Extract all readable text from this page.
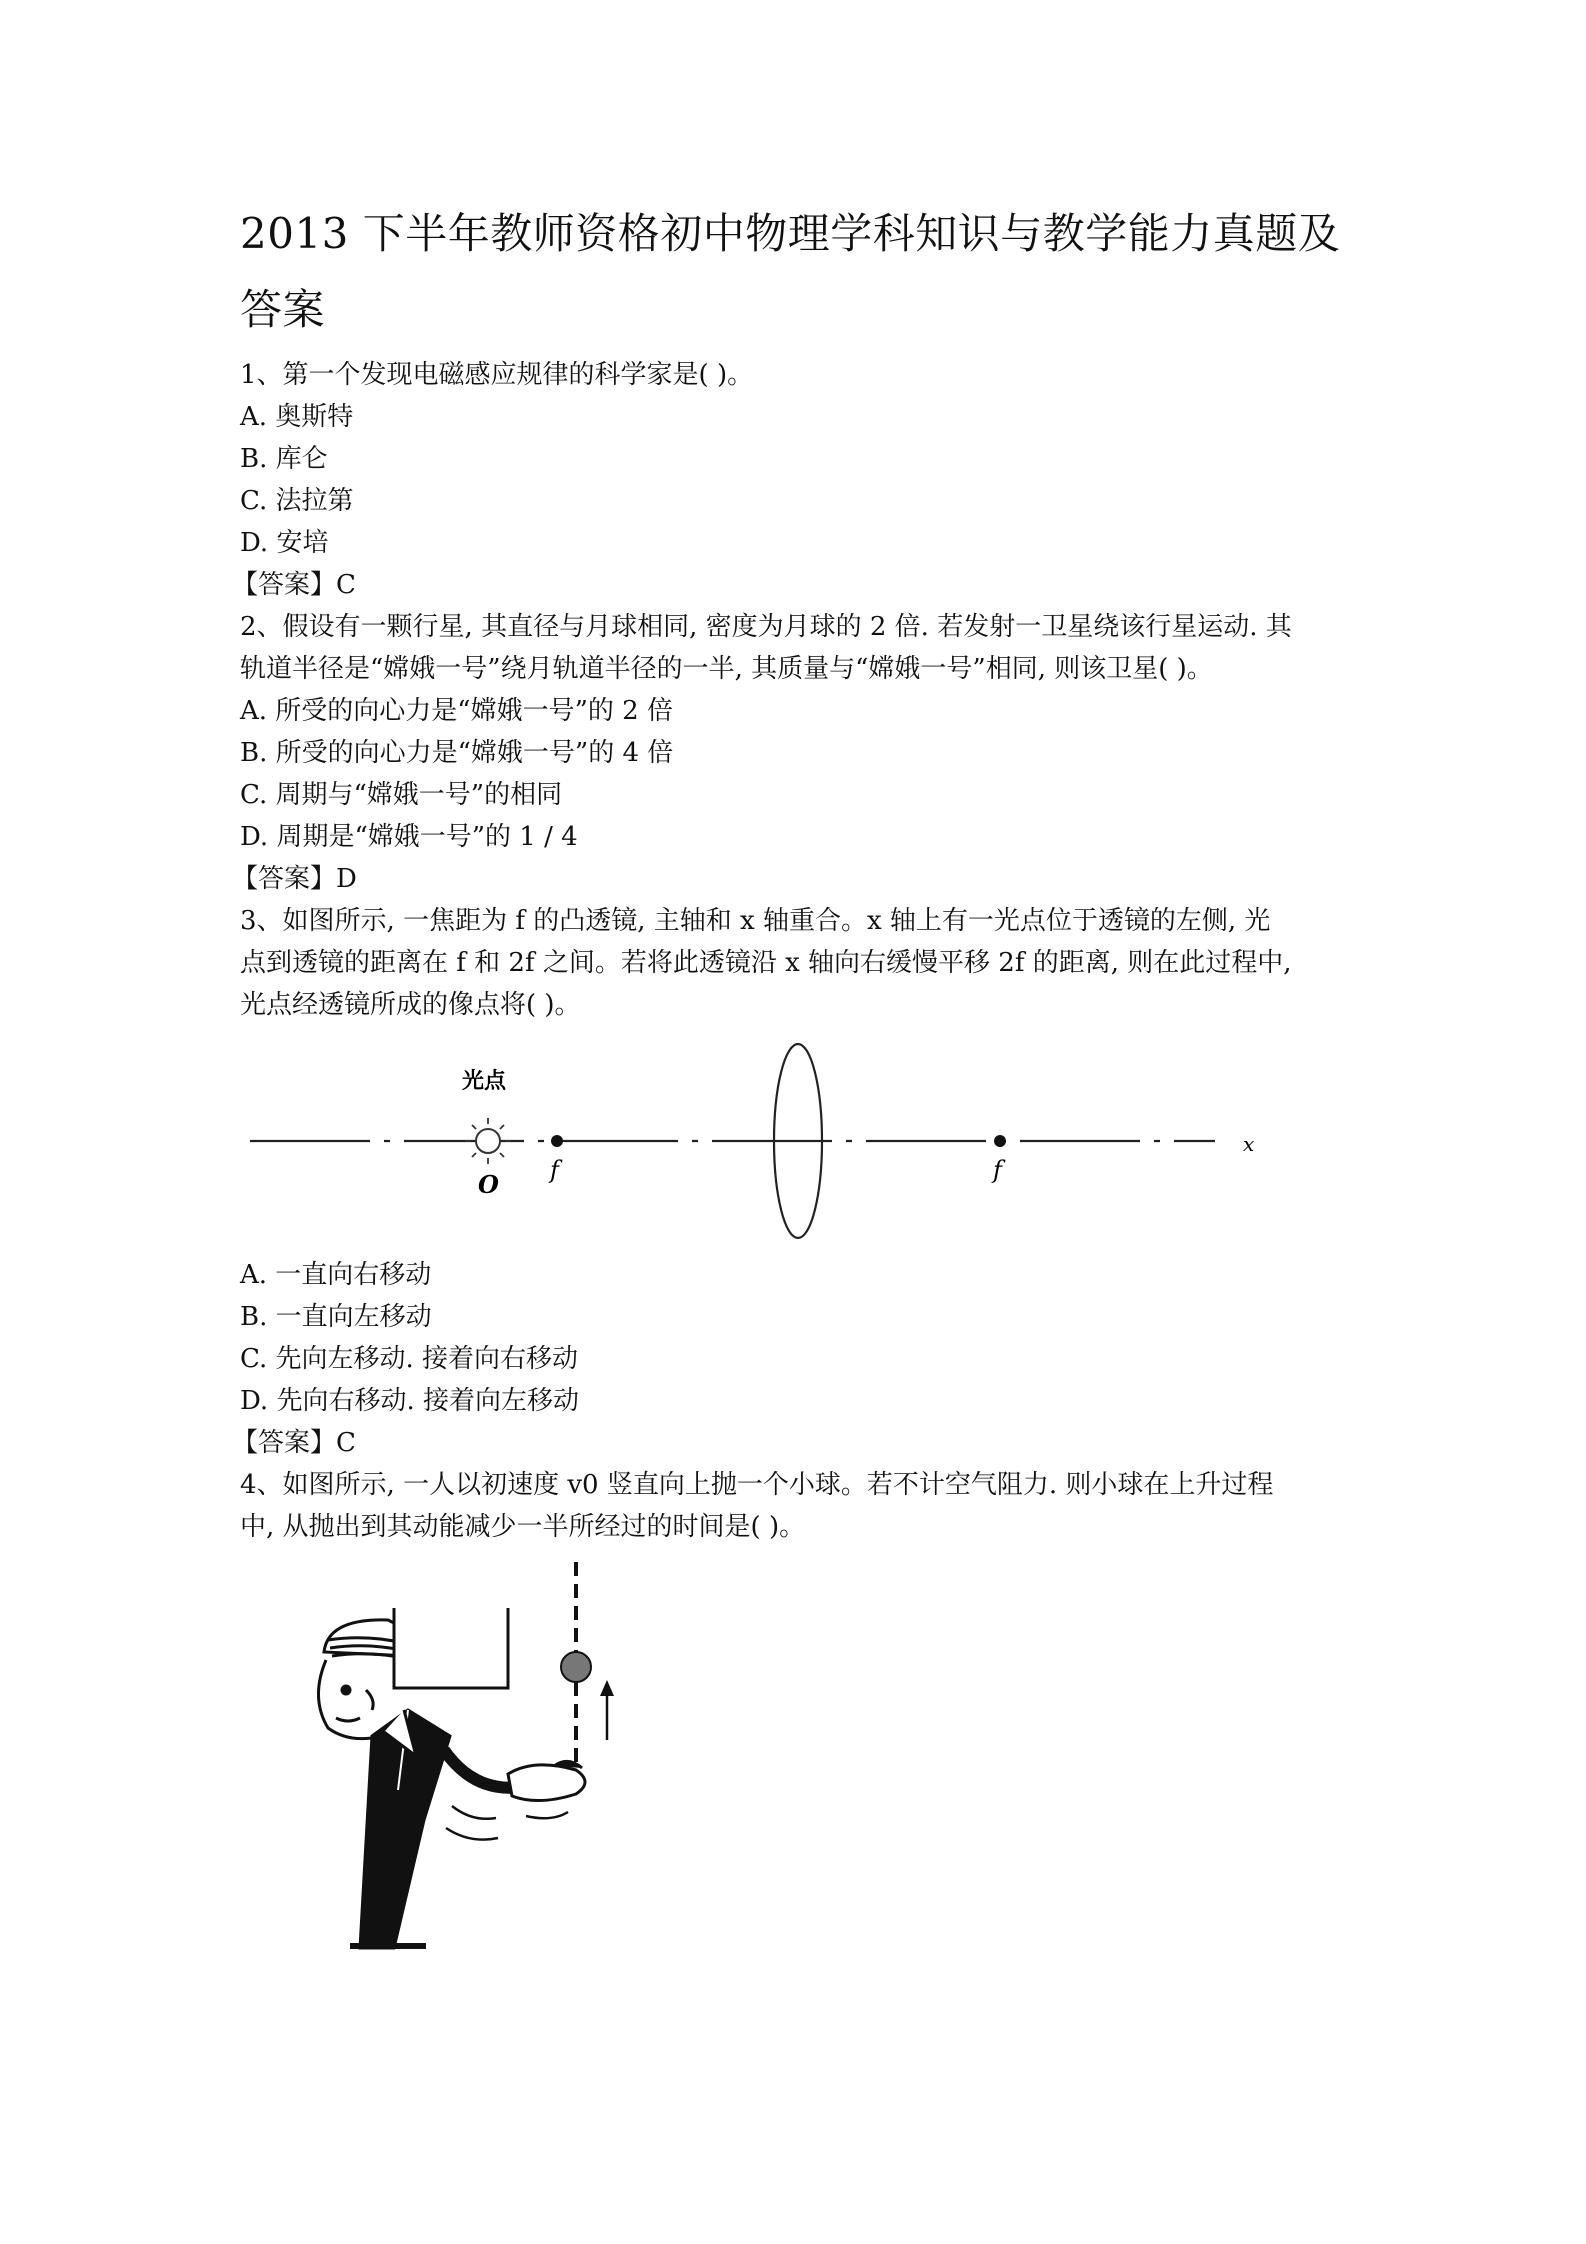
2013 下半年教师资格初中物理学科知识与教学能力真题及
答案

1、第一个发现电磁感应规律的科学家是( )。

A. 奥斯特

B. 库仑

C. 法拉第

D. 安培

【答案】C

2、假设有一颗行星, 其直径与月球相同, 密度为月球的 2 倍. 若发射一卫星绕该行星运动. 其

轨道半径是“嫦娥一号”绕月轨道半径的一半, 其质量与“嫦娥一号”相同, 则该卫星( )。

A. 所受的向心力是“嫦娥一号”的 2 倍

B. 所受的向心力是“嫦娥一号”的 4 倍

C. 周期与“嫦娥一号”的相同

D. 周期是“嫦娥一号”的 1 / 4

【答案】D

3、如图所示, 一焦距为 f 的凸透镜, 主轴和 x 轴重合。x 轴上有一光点位于透镜的左侧, 光

点到透镜的距离在 f 和 2f 之间。若将此透镜沿 x 轴向右缓慢平移 2f 的距离, 则在此过程中,

光点经透镜所成的像点将( )。

光点
O f	f
x

A. 一直向右移动

B. 一直向左移动

C. 先向左移动. 接着向右移动

D. 先向右移动. 接着向左移动

【答案】C

4、如图所示, 一人以初速度 v0 竖直向上抛一个小球。若不计空气阻力. 则小球在上升过程

中, 从抛出到其动能减少一半所经过的时间是( )。
